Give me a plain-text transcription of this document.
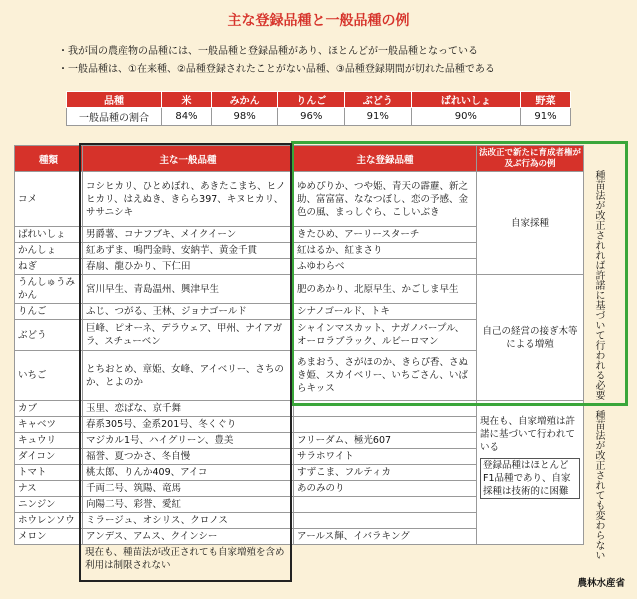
主な登録品種と一般品種の例
・我が国の農産物の品種には、一般品種と登録品種があり、ほとんどが一般品種となっている
・一般品種は、①在来種、②品種登録されたことがない品種、③品種登録期間が切れた品種である
品種	米	みかん	りんご	ぶどう	ばれいしょ	野菜
一般品種の割合	84%	98%	96%	91%	90%	91%
種類	主な一般品種	主な登録品種	法改正で新たに育成者権が及ぶ行為の例
コメ	コシヒカリ、ひとめぼれ、あきたこまち、ヒノヒカリ、はえぬき、きらら397、キヌヒカリ、ササニシキ	ゆめぴりか、つや姫、青天の霹靂、新之助、富富富、ななつぼし、恋の予感、金色の風、まっしぐら、こしいぶき	自家採種
ばれいしょ	男爵薯、コナフブキ、メイクイーン	きたひめ、アーリースターチ	
かんしょ	紅あずま、鳴門金時、安納芋、黄金千貫	紅はるか、紅まさり	
ねぎ	春扇、龍ひかり、下仁田	ふゆわらべ	
うんしゅうみかん	宮川早生、青島温州、興津早生	肥のあかり、北原早生、かごしま早生	自己の経営の接ぎ木等による増殖
りんご	ふじ、つがる、王林、ジョナゴールド	シナノゴールド、トキ	
ぶどう	巨峰、ピオーネ、デラウェア、甲州、ナイアガラ、スチューベン	シャインマスカット、ナガノパープル、オーロラブラック、ルビーロマン	
いちご	とちおとめ、章姫、女峰、アイベリー、さちのか、とよのか	あまおう、さがほのか、きらぴ香、さぬき姫、スカイベリー、いちごさん、いばらキッス	
カブ	玉里、恋ばな、京千舞		現在も、自家増殖は許諾に基づいて行われている
登録品種はほとんどF1品種であり、自家採種は技術的に困難
キャベツ	春系305号、金系201号、冬くぐり		
キュウリ	マジカル1号、ハイグリーン、豊美	フリーダム、極光607	
ダイコン	福誉、夏つかさ、冬自慢	サラホワイト	
トマト	桃太郎、りんか409、アイコ	すずこま、フルティカ	
ナス	千両二号、筑陽、竜馬	あのみのり	
ニンジン	向陽二号、彩誉、愛紅		
ホウレンソウ	ミラージュ、オシリス、クロノス		
メロン	アンデス、アムス、クインシー	アールス輝、イバラキング	
種苗法が改正されれば許諾に基づいて行われる必要
種苗法が改正されても変わらない
現在も、種苗法が改正されても自家増殖を含め利用は制限されない
農林水産省
